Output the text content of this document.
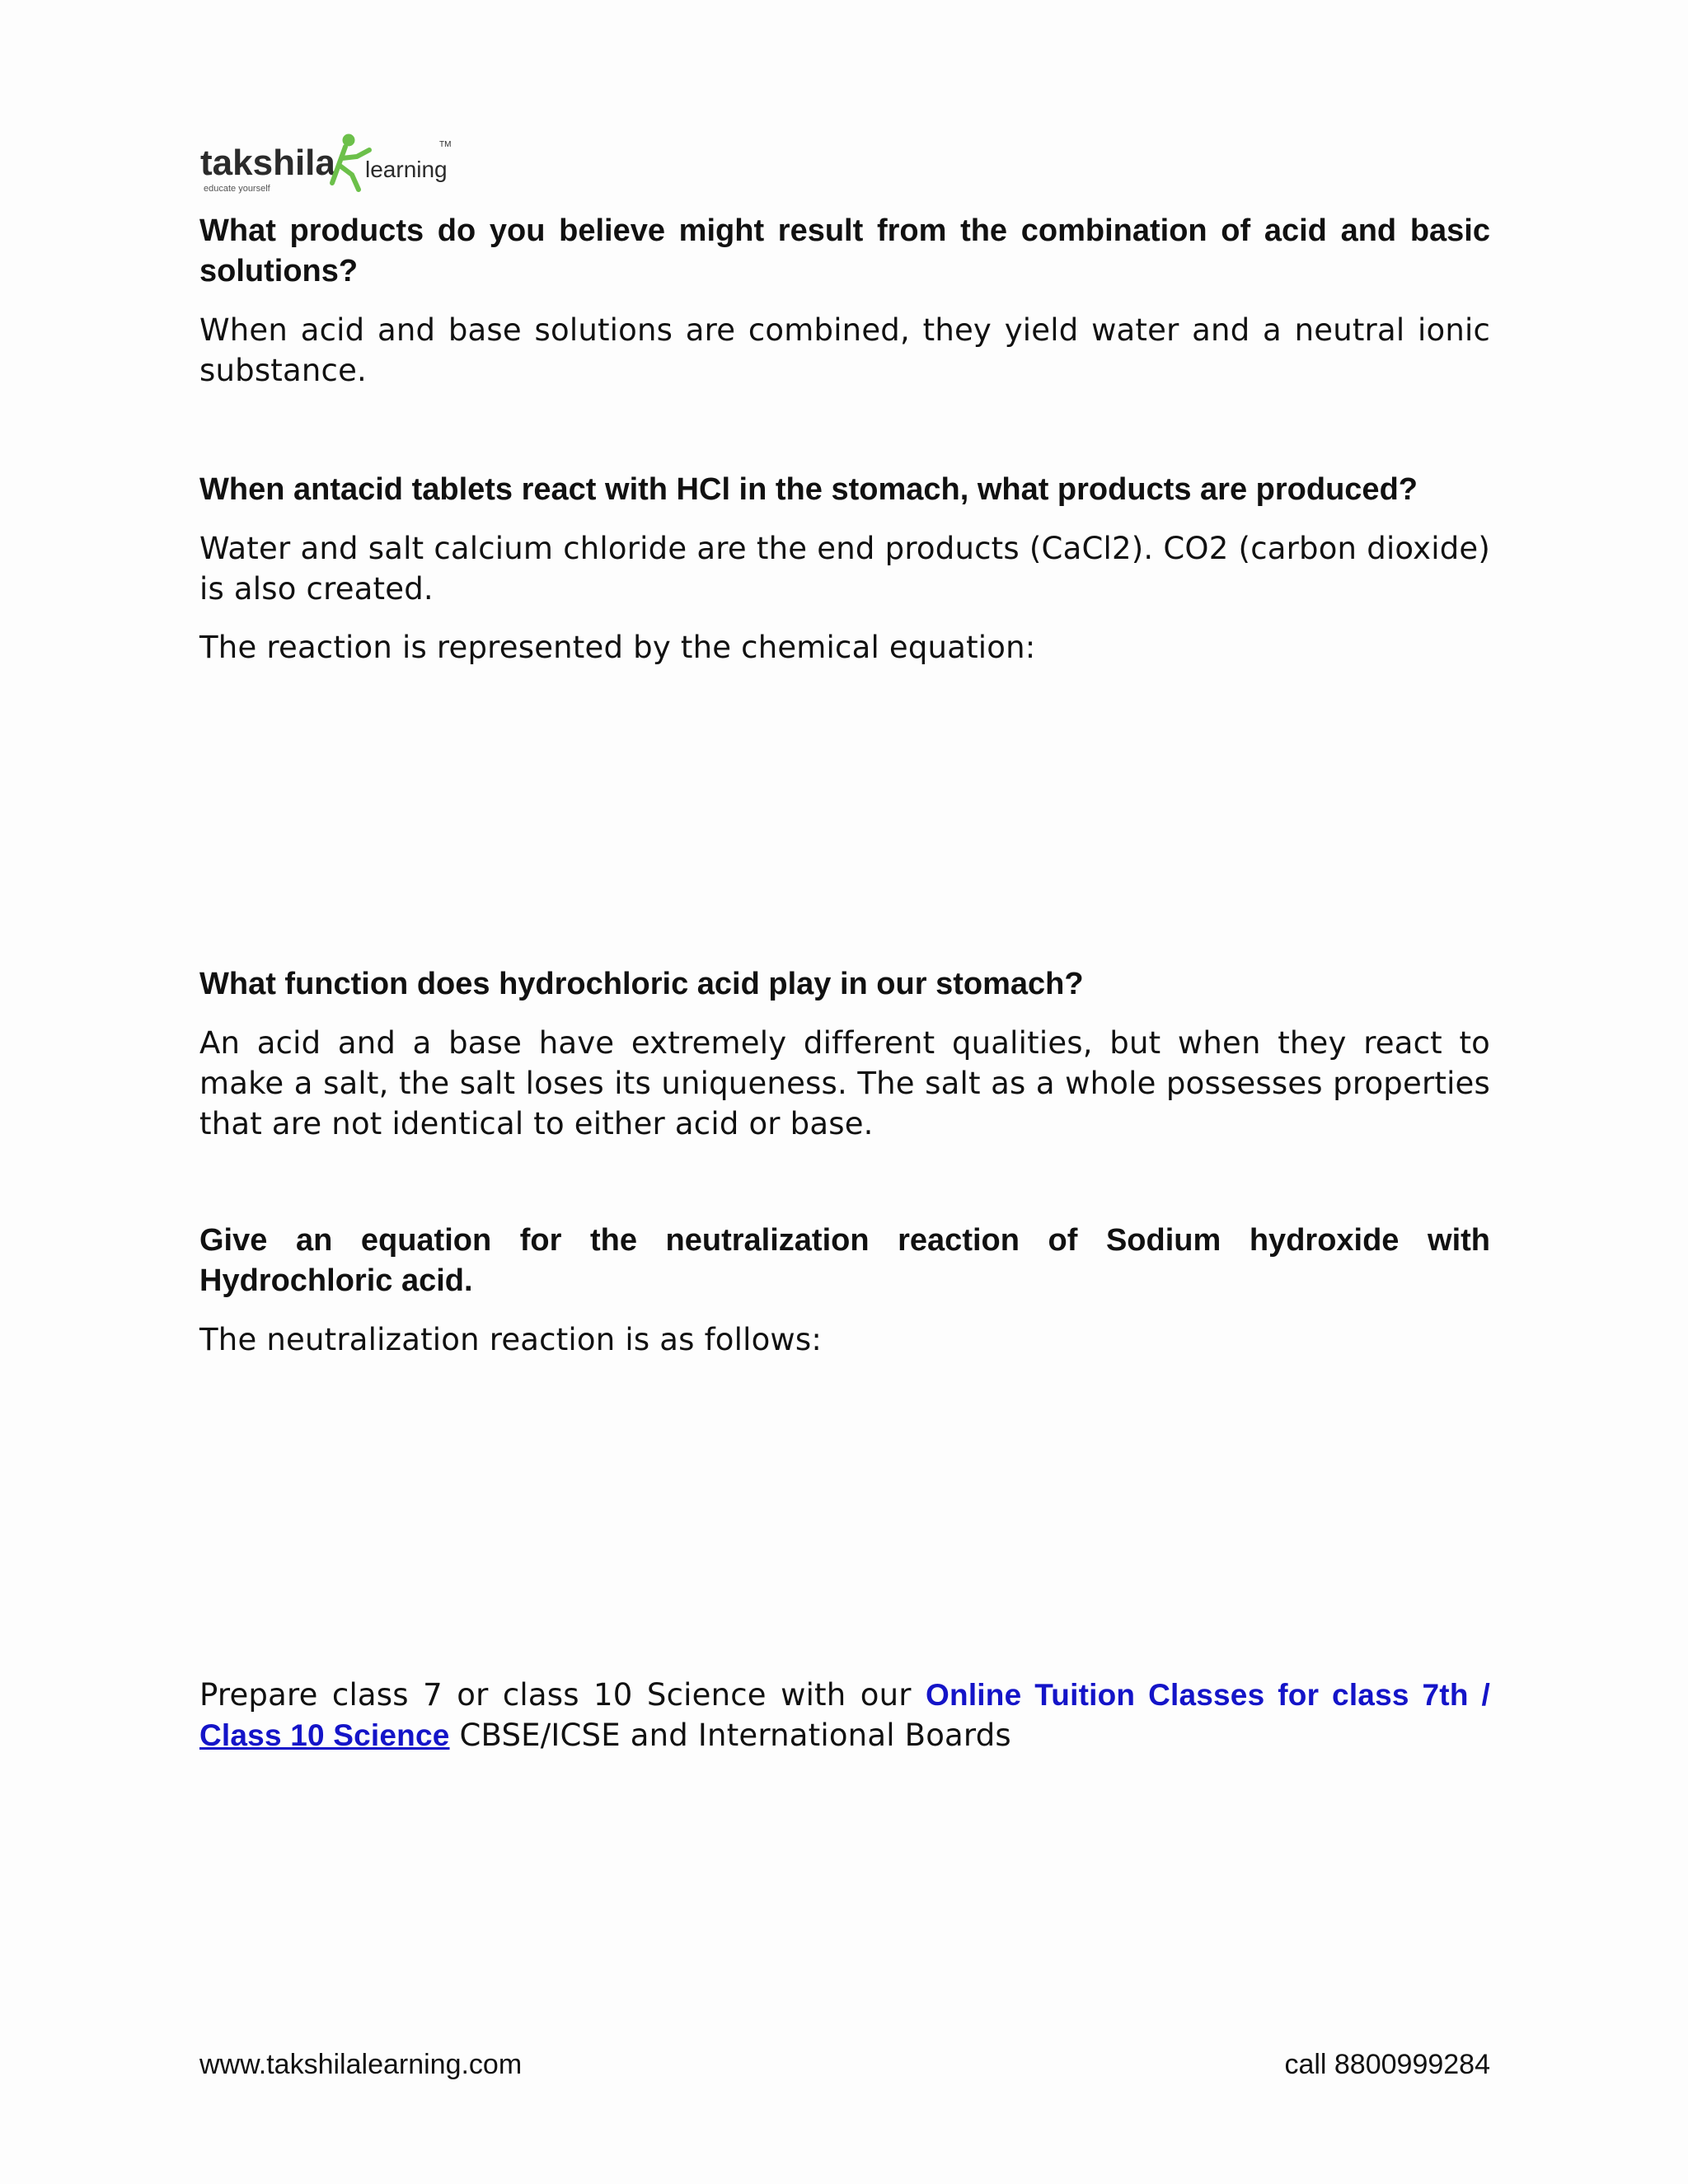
takshila learning
TM
educate yourself

What products do you believe might result from the combination of acid and basic solutions?

When acid and base solutions are combined, they yield water and a neutral ionic substance.

When antacid tablets react with HCl in the stomach, what products are produced?

Water and salt calcium chloride are the end products (CaCl2). CO2 (carbon dioxide) is also created.

The reaction is represented by the chemical equation:

What function does hydrochloric acid play in our stomach?

An acid and a base have extremely different qualities, but when they react to make a salt, the salt loses its uniqueness. The salt as a whole possesses properties that are not identical to either acid or base.

Give an equation for the neutralization reaction of Sodium hydroxide with Hydrochloric acid.

The neutralization reaction is as follows:

Prepare class 7 or class 10 Science with our Online Tuition Classes for class 7th / Class 10 Science CBSE/ICSE and International Boards

www.takshilalearning.com	call 8800999284
